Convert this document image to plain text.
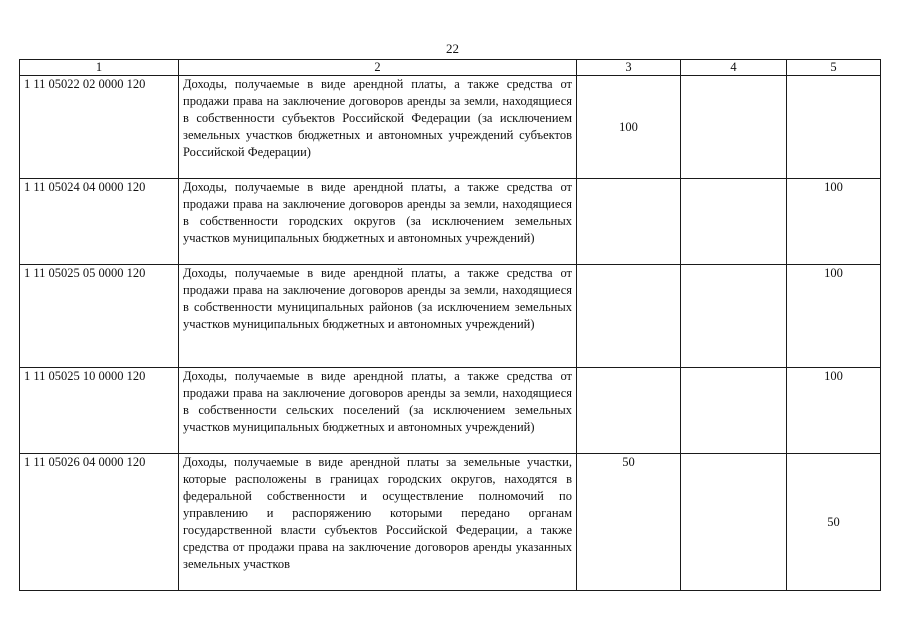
22
1	2	3	4	5
1 11 05022 02 0000 120	Доходы, получаемые в виде арендной платы, а также средства от продажи права на заключение договоров аренды за земли, находящиеся в собственности субъектов Российской Федерации (за исключением земельных участков бюджетных и автономных учреждений субъектов Российской Федерации)	100		
1 11 05024 04 0000 120	Доходы, получаемые в виде арендной платы, а также средства от продажи права на заключение договоров аренды за земли, находящиеся в собственности городских округов (за исключением земельных участков муниципальных бюджетных и автономных учреждений)			100
1 11 05025 05 0000 120	Доходы, получаемые в виде арендной платы, а также средства от продажи права на заключение договоров аренды за земли, находящиеся в собственности муниципальных районов (за исключением земельных участков муниципальных бюджетных и автономных учреждений)			100
1 11 05025 10 0000 120	Доходы, получаемые в виде арендной платы, а также средства от продажи права на заключение договоров аренды за земли, находящиеся в собственности сельских поселений (за исключением земельных участков муниципальных бюджетных и автономных учреждений)			100
1 11 05026 04 0000 120	Доходы, получаемые в виде арендной платы за земельные участки, которые расположены в границах городских округов, находятся в федеральной собственности и осуществление полномочий по управлению и распоряжению которыми передано органам государственной власти субъектов Российской Федерации, а также средства от продажи права на заключение договоров аренды указанных земельных участков	50		50
